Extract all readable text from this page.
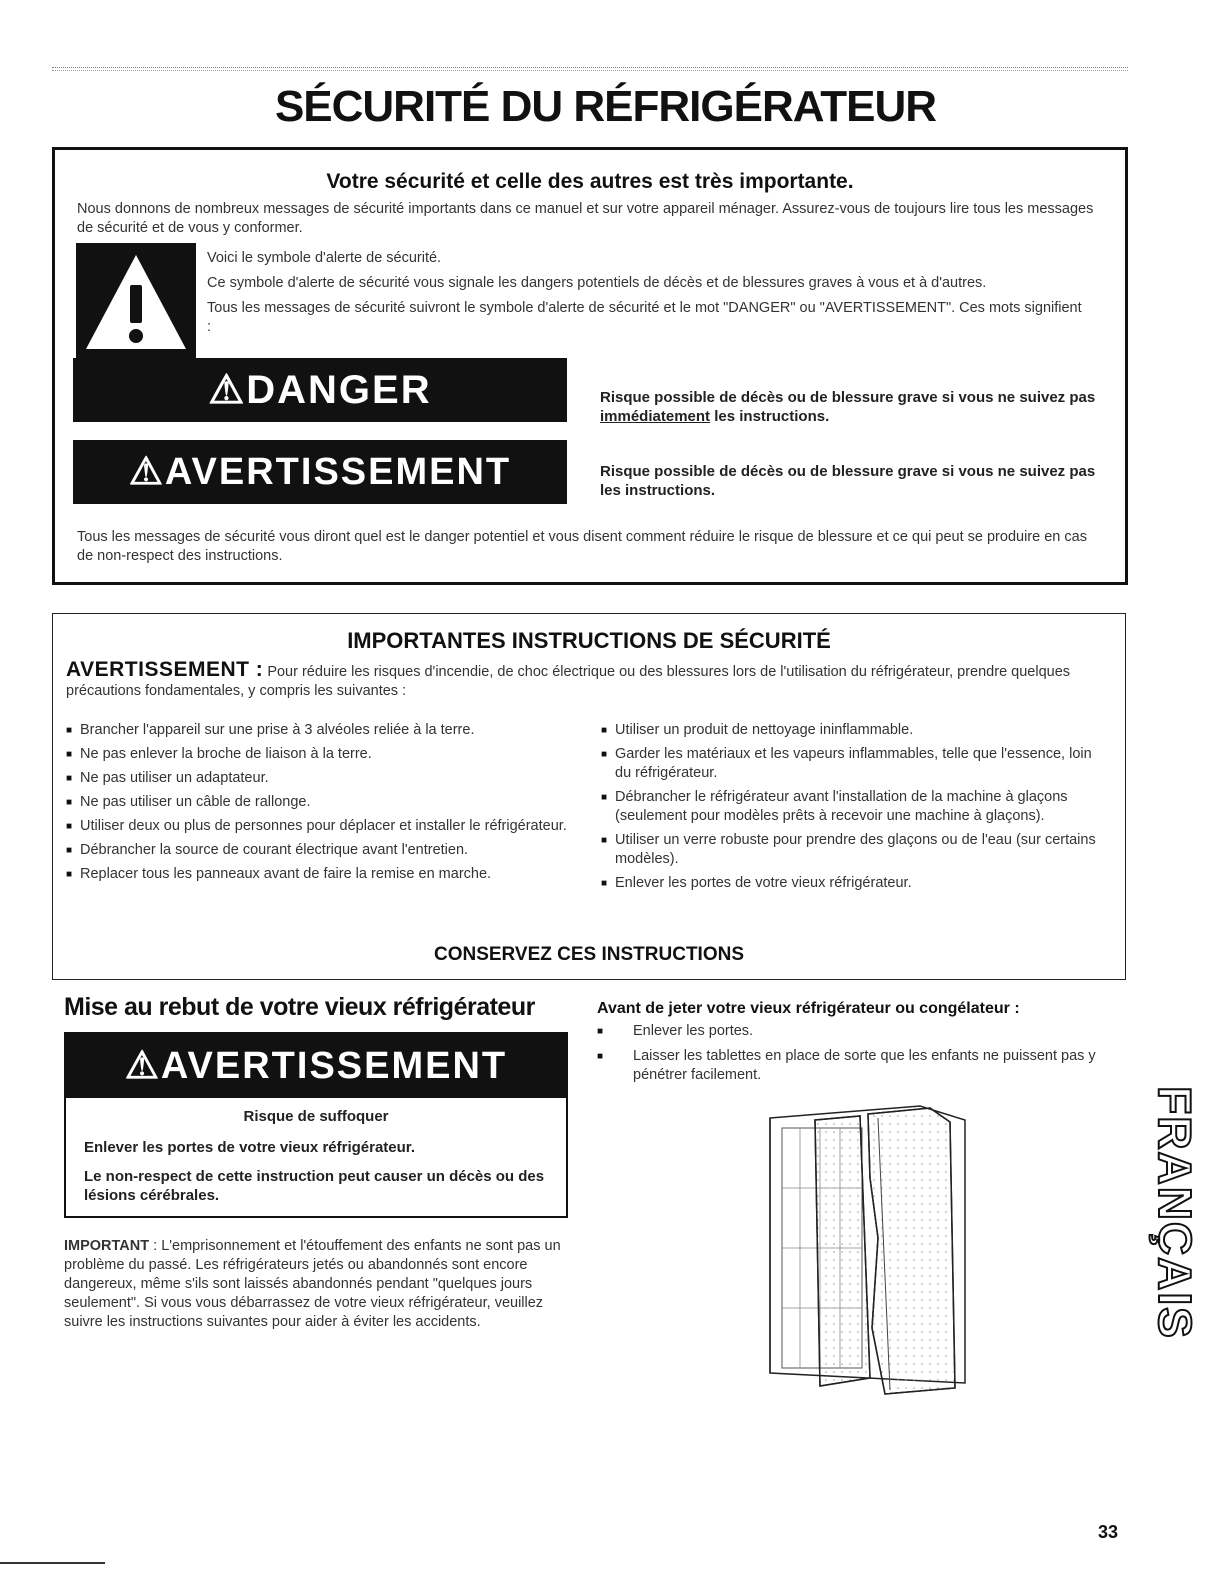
SÉCURITÉ DU RÉFRIGÉRATEUR
Votre sécurité et celle des autres est très importante.
Nous donnons de nombreux messages de sécurité importants dans ce manuel et sur votre appareil ménager. Assurez-vous de toujours lire tous les messages de sécurité et de vous y conformer.

Voici le symbole d'alerte de sécurité.

Ce symbole d'alerte de sécurité vous signale les dangers potentiels de décès et de blessures graves à vous et à d'autres.

Tous les messages de sécurité suivront le symbole d'alerte de sécurité et le mot "DANGER" ou "AVERTISSEMENT". Ces mots signifient :

⚠DANGER	Risque possible de décès ou de blessure grave si vous ne suivez pas immédiatement les instructions.
⚠AVERTISSEMENT	Risque possible de décès ou de blessure grave si vous ne suivez pas les instructions.
Tous les messages de sécurité vous diront quel est le danger potentiel et vous disent comment réduire le risque de blessure et ce qui peut se produire en cas de non-respect des instructions.
IMPORTANTES INSTRUCTIONS DE SÉCURITÉ
AVERTISSEMENT : Pour réduire les risques d'incendie, de choc électrique ou des blessures lors de l'utilisation du réfrigérateur, prendre quelques précautions fondamentales, y compris les suivantes :
■ Brancher l'appareil sur une prise à 3 alvéoles reliée à la terre.
■ Ne pas enlever la broche de liaison à la terre.
■ Ne pas utiliser un adaptateur.
■ Ne pas utiliser un câble de rallonge.
■ Utiliser deux ou plus de personnes pour déplacer et installer le réfrigérateur.
■ Débrancher la source de courant électrique avant l'entretien.
■ Replacer tous les panneaux avant de faire la remise en marche.
■ Utiliser un produit de nettoyage ininflammable.
■ Garder les matériaux et les vapeurs inflammables, telle que l'essence, loin du réfrigérateur.
■ Débrancher le réfrigérateur avant l'installation de la machine à glaçons (seulement pour modèles prêts à recevoir une machine à glaçons).
■ Utiliser un verre robuste pour prendre des glaçons ou de l'eau (sur certains modèles).
■ Enlever les portes de votre vieux réfrigérateur.
CONSERVEZ CES INSTRUCTIONS
Mise au rebut de votre vieux réfrigérateur
⚠AVERTISSEMENT
Risque de suffoquer
Enlever les portes de votre vieux réfrigérateur.
Le non-respect de cette instruction peut causer un décès ou des lésions cérébrales.
IMPORTANT : L'emprisonnement et l'étouffement des enfants ne sont pas un problème du passé. Les réfrigérateurs jetés ou abandonnés sont encore dangereux, même s'ils sont laissés abandonnés pendant "quelques jours seulement". Si vous vous débarrassez de votre vieux réfrigérateur, veuillez suivre les instructions suivantes pour aider à éviter les accidents.
Avant de jeter votre vieux réfrigérateur ou congélateur :
■ Enlever les portes.
■ Laisser les tablettes en place de sorte que les enfants ne puissent pas y pénétrer facilement.
FRANÇAIS
33
